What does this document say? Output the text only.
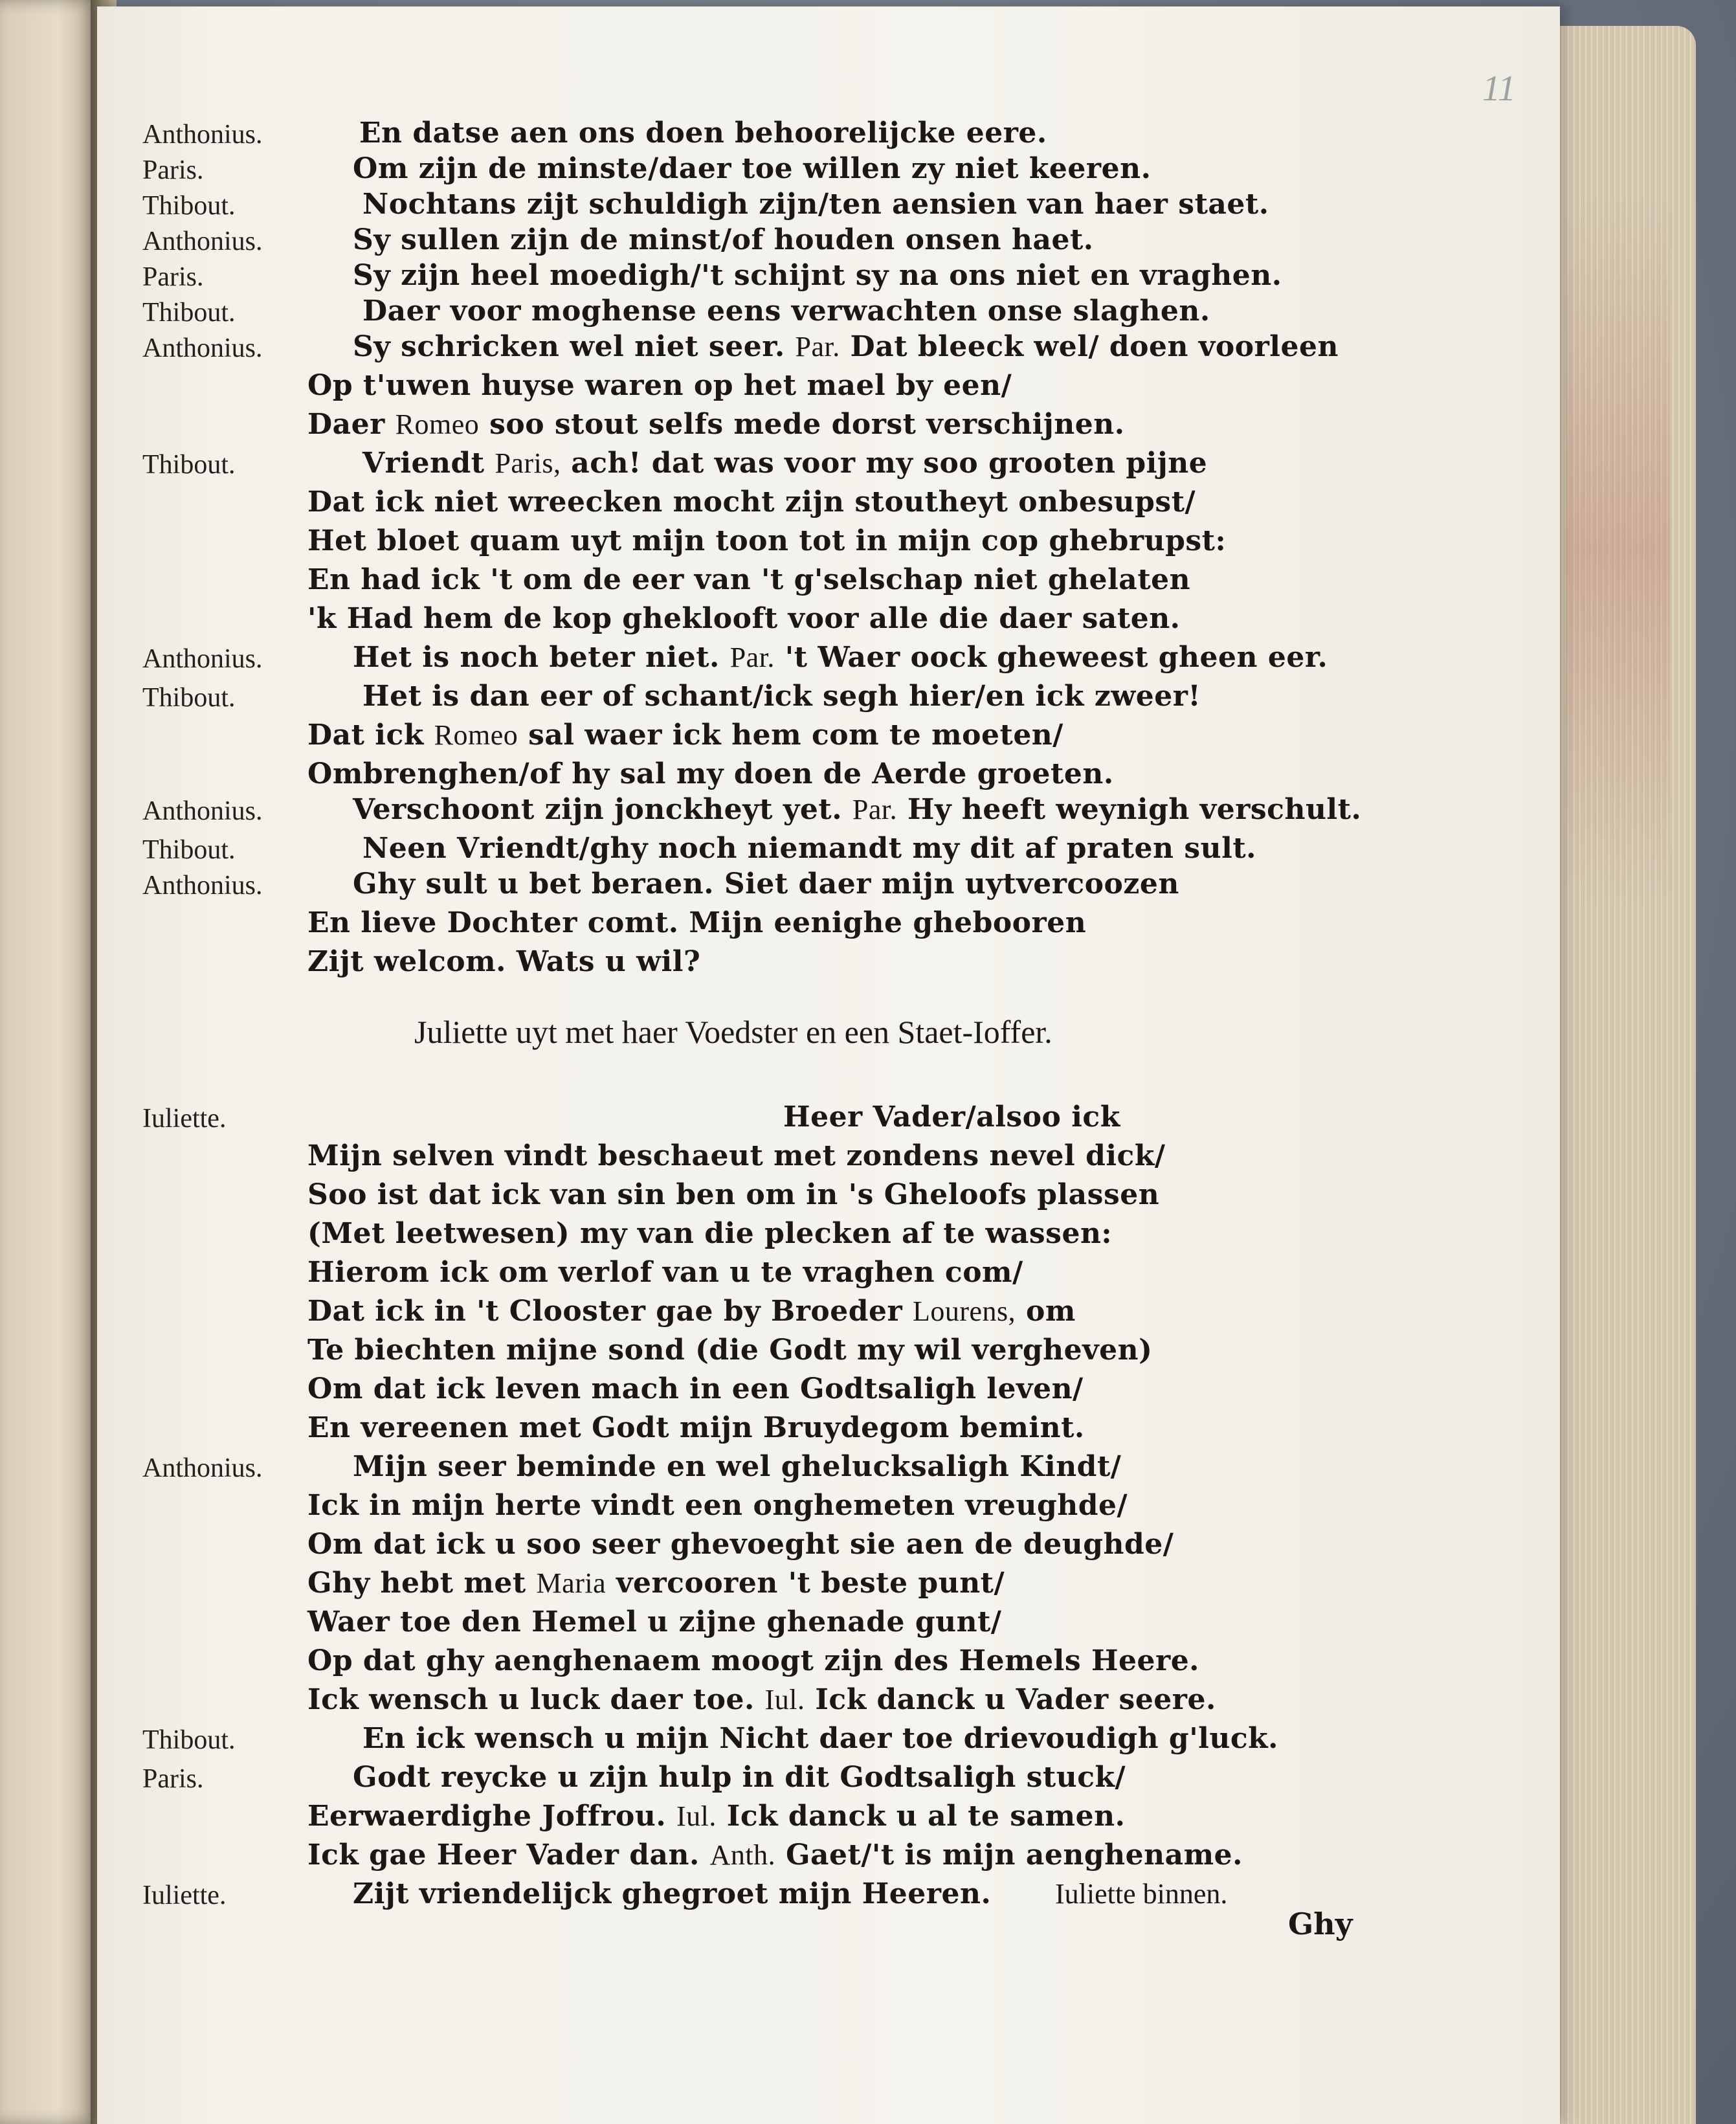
11
Anthonius.	En datse aen ons doen behoorelijcke eere.
Paris.	Om zijn de minste/daer toe willen zy niet keeren.
Thibout.	Nochtans zijt schuldigh zijn/ten aensien van haer staet.
Anthonius.	Sy sullen zijn de minst/of houden onsen haet.
Paris.	Sy zijn heel moedigh/'t schijnt sy na ons niet en vraghen.
Thibout.	Daer voor moghense eens verwachten onse slaghen.
Anthonius.	Sy schricken wel niet seer. Par. Dat bleeck wel/ doen voorleen
Op t'uwen huyse waren op het mael by een/
Daer Romeo soo stout selfs mede dorst verschijnen.
Thibout.	Vriendt Paris, ach! dat was voor my soo grooten pijne
Dat ick niet wreecken mocht zijn stoutheyt onbesupst/
Het bloet quam uyt mijn toon tot in mijn cop ghebrupst:
En had ick 't om de eer van 't g'selschap niet ghelaten
'k Had hem de kop gheklooft voor alle die daer saten.
Anthonius.	Het is noch beter niet. Par. 't Waer oock gheweest gheen eer.
Thibout.	Het is dan eer of schant/ick segh hier/en ick zweer!
Dat ick Romeo sal waer ick hem com te moeten/
Ombrenghen/of hy sal my doen de Aerde groeten.
Anthonius.	Verschoont zijn jonckheyt yet. Par. Hy heeft weynigh verschult.
Thibout.	Neen Vriendt/ghy noch niemandt my dit af praten sult.
Anthonius.	Ghy sult u bet beraen. Siet daer mijn uytvercoozen
En lieve Dochter comt. Mijn eenighe ghebooren
Zijt welcom. Wats u wil?
Juliette uyt met haer Voedster en een Staet-Ioffer.
Iuliette.	Heer Vader/alsoo ick
Mijn selven vindt beschaeut met zondens nevel dick/
Soo ist dat ick van sin ben om in 's Gheloofs plassen
(Met leetwesen) my van die plecken af te wassen:
Hierom ick om verlof van u te vraghen com/
Dat ick in 't Clooster gae by Broeder Lourens, om
Te biechten mijne sond (die Godt my wil vergheven)
Om dat ick leven mach in een Godtsaligh leven/
En vereenen met Godt mijn Bruydegom bemint.
Anthonius.	Mijn seer beminde en wel ghelucksaligh Kindt/
Ick in mijn herte vindt een onghemeten vreughde/
Om dat ick u soo seer ghevoeght sie aen de deughde/
Ghy hebt met Maria vercooren 't beste punt/
Waer toe den Hemel u zijne ghenade gunt/
Op dat ghy aenghenaem moogt zijn des Hemels Heere.
Ick wensch u luck daer toe. Iul. Ick danck u Vader seere.
Thibout.	En ick wensch u mijn Nicht daer toe drievoudigh g'luck.
Paris.	Godt reycke u zijn hulp in dit Godtsaligh stuck/
Eerwaerdighe Joffrou. Iul. Ick danck u al te samen.
Ick gae Heer Vader dan. Anth. Gaet/'t is mijn aenghename.
Iuliette.	Zijt vriendelijck ghegroet mijn Heeren. Iuliette binnen.
Ghy
